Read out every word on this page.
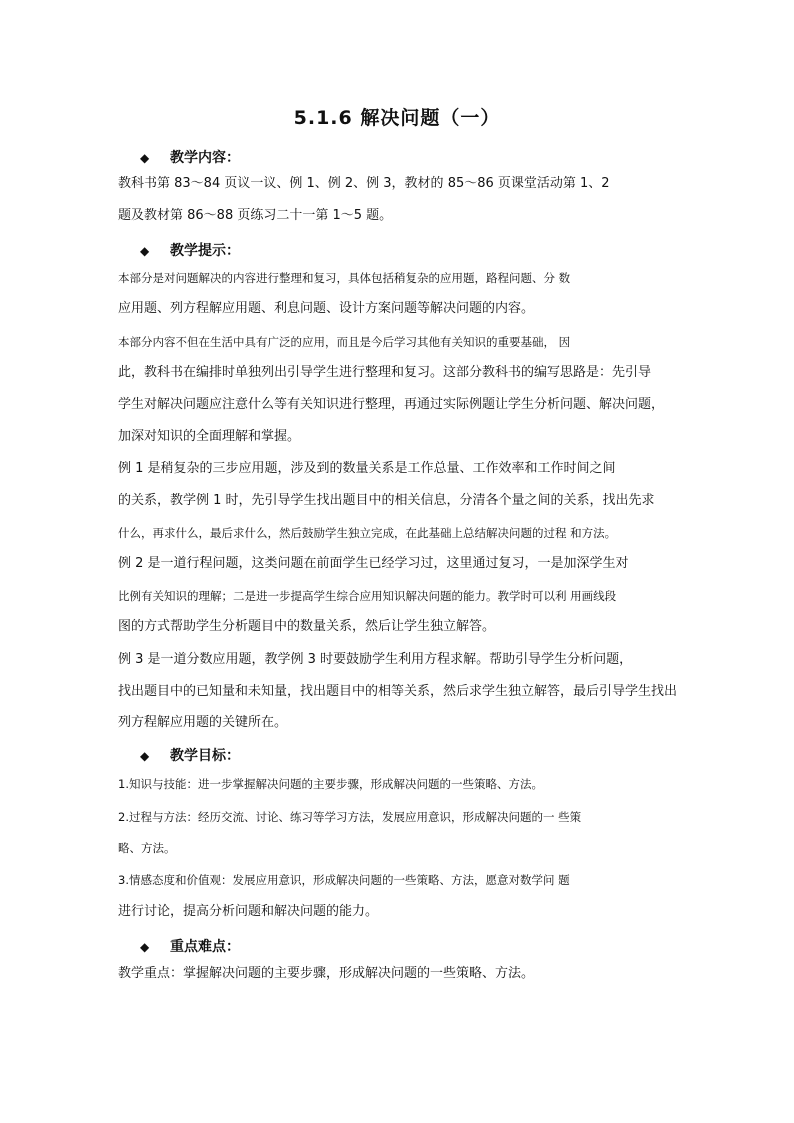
5.1.6 解决问题（一）
◆ 教学内容：
教科书第 83～84 页议一议、例 1、例 2、例 3，教材的 85～86 页课堂活动第 1、2
题及教材第 86～88 页练习二十一第 1～5 题。
◆ 教学提示：
本部分是对问题解决的内容进行整理和复习，具体包括稍复杂的应用题，路程问题、分 数
应用题、列方程解应用题、利息问题、设计方案问题等解决问题的内容。
本部分内容不但在生活中具有广泛的应用，而且是今后学习其他有关知识的重要基础， 因
此，教科书在编排时单独列出引导学生进行整理和复习。这部分教科书的编写思路是：先引导
学生对解决问题应注意什么等有关知识进行整理，再通过实际例题让学生分析问题、解决问题，
加深对知识的全面理解和掌握。
例 1 是稍复杂的三步应用题，涉及到的数量关系是工作总量、工作效率和工作时间之间
的关系，教学例 1 时，先引导学生找出题目中的相关信息，分清各个量之间的关系，找出先求
什么，再求什么，最后求什么，然后鼓励学生独立完成，在此基础上总结解决问题的过程 和方法。
例 2 是一道行程问题，这类问题在前面学生已经学习过，这里通过复习，一是加深学生对
比例有关知识的理解；二是进一步提高学生综合应用知识解决问题的能力。教学时可以利 用画线段
图的方式帮助学生分析题目中的数量关系，然后让学生独立解答。
例 3 是一道分数应用题，教学例 3 时要鼓励学生利用方程求解。帮助引导学生分析问题，
找出题目中的已知量和未知量，找出题目中的相等关系，然后求学生独立解答，最后引导学生找出
列方程解应用题的关键所在。
◆ 教学目标：
1.知识与技能：进一步掌握解决问题的主要步骤，形成解决问题的一些策略、方法。
2.过程与方法：经历交流、讨论、练习等学习方法，发展应用意识，形成解决问题的一 些策
略、方法。
3.情感态度和价值观：发展应用意识，形成解决问题的一些策略、方法，愿意对数学问 题
进行讨论，提高分析问题和解决问题的能力。
◆ 重点难点：
教学重点：掌握解决问题的主要步骤，形成解决问题的一些策略、方法。
